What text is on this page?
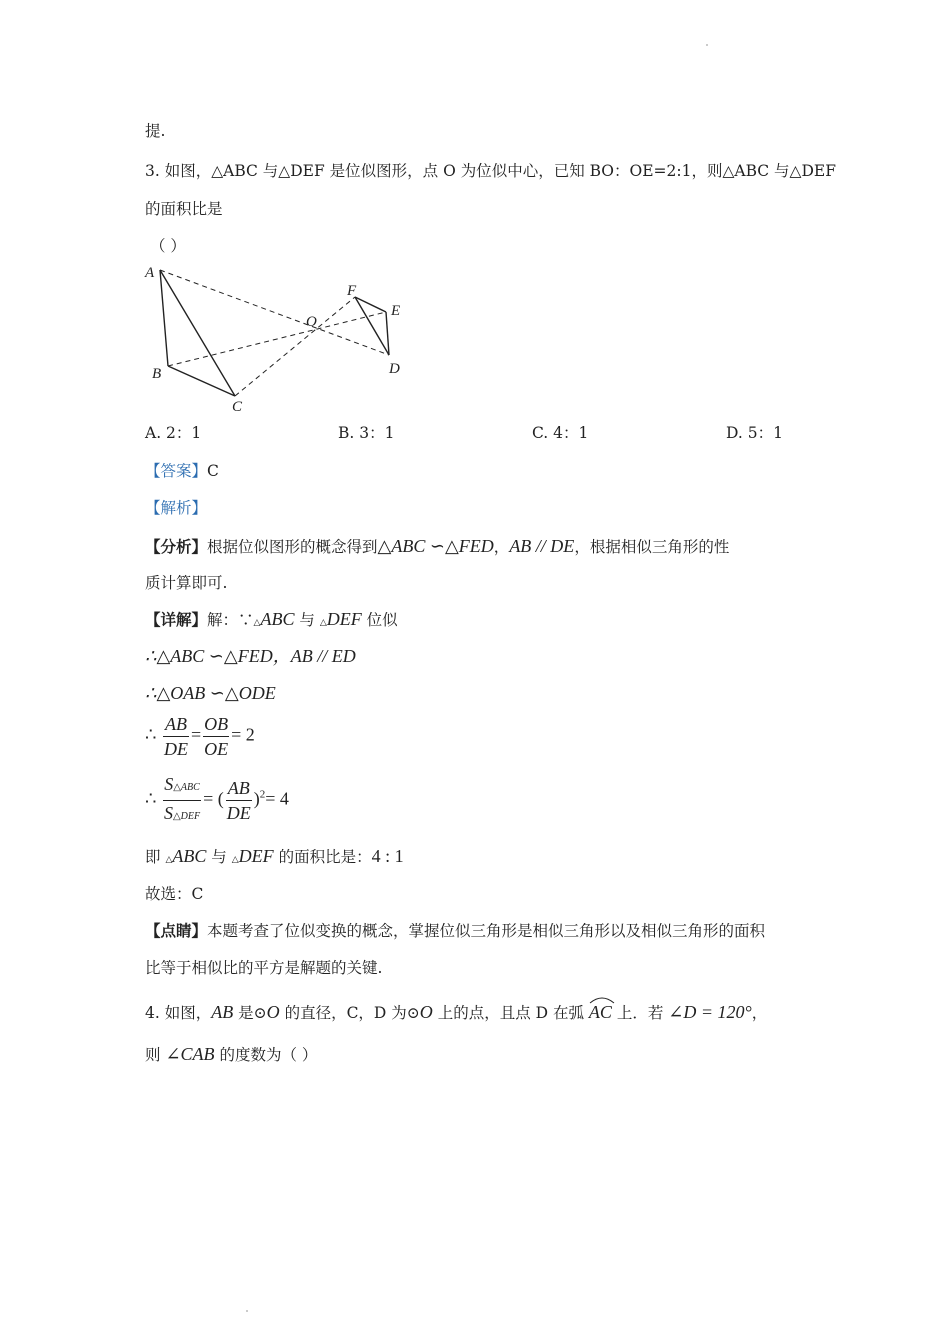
提.
3. 如图，△ABC 与△DEF 是位似图形，点 O 为位似中心，已知 BO：OE=2:1，则△ABC 与△DEF
的面积比是
（ ）
A
B
C
O
F
E
D
A. 2：1	B. 3：1	C. 4：1	D. 5：1
【答案】C
【解析】
【分析】根据位似图形的概念得到△ABC ∽△FED，AB // DE，根据相似三角形的性
质计算即可.
【详解】解：∵△ABC 与 △DEF 位似
∴△ABC ∽△FED，AB // ED
∴△OAB ∽△ODE
∴ $\frac{AB}{DE} = \frac{OB}{OE} = 2$
∴ $\frac{\text{S△ABC}}{\text{S△DEF}}$ = ( $\frac{AB}{DE} )^2= 4$
即 △ABC 与 △DEF 的面积比是：4 : 1
故选：C
【点睛】本题考查了位似变换的概念，掌握位似三角形是相似三角形以及相似三角形的面积
比等于相似比的平方是解题的关键.
4. 如图，AB 是⊙O 的直径，C，D 为⊙O 上的点，且点 D 在弧 AC
上．若 ∠D = 120°，
则 ∠CAB 的度数为（ ）
